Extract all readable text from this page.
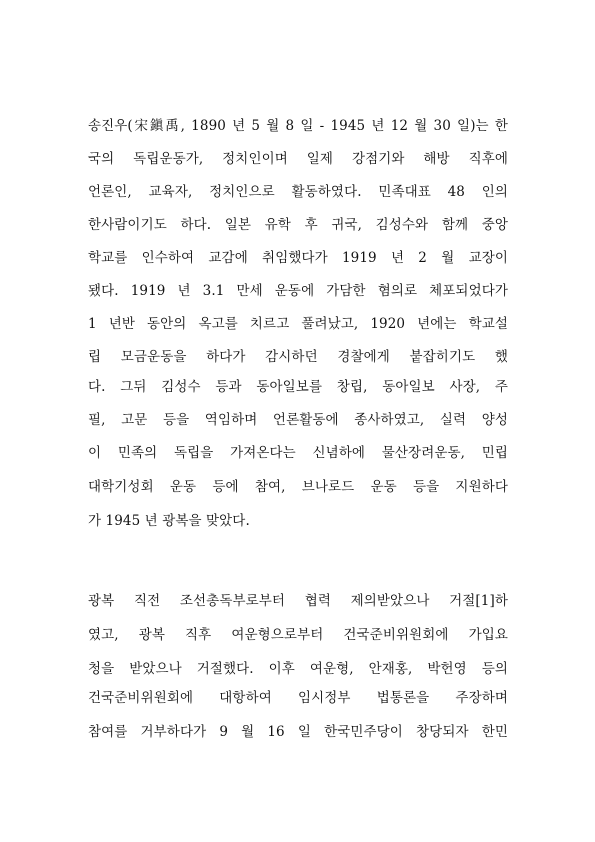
송진우(宋鎭禹, 1890 년 5 월 8 일 - 1945 년 12 월 30 일)는 한
국의 독립운동가, 정치인이며 일제 강점기와 해방 직후에
언론인, 교육자, 정치인으로 활동하였다. 민족대표 48 인의
한사람이기도 하다. 일본 유학 후 귀국, 김성수와 함께 중앙
학교를 인수하여 교감에 취임했다가 1919 년 2 월 교장이
됐다. 1919 년 3.1 만세 운동에 가담한 혐의로 체포되었다가
1 년반 동안의 옥고를 치르고 풀려났고, 1920 년에는 학교설
립 모금운동을 하다가 감시하던 경찰에게 붙잡히기도 했
다. 그뒤 김성수 등과 동아일보를 창립, 동아일보 사장, 주
필, 고문 등을 역임하며 언론활동에 종사하였고, 실력 양성
이 민족의 독립을 가져온다는 신념하에 물산장려운동, 민립
대학기성회 운동 등에 참여, 브나로드 운동 등을 지원하다
가 1945 년 광복을 맞았다.
광복 직전 조선총독부로부터 협력 제의받았으나 거절[1]하
였고, 광복 직후 여운형으로부터 건국준비위원회에 가입요
청을 받았으나 거절했다. 이후 여운형, 안재홍, 박헌영 등의
건국준비위원회에 대항하여 임시정부 법통론을 주장하며
참여를 거부하다가 9 월 16 일 한국민주당이 창당되자 한민
